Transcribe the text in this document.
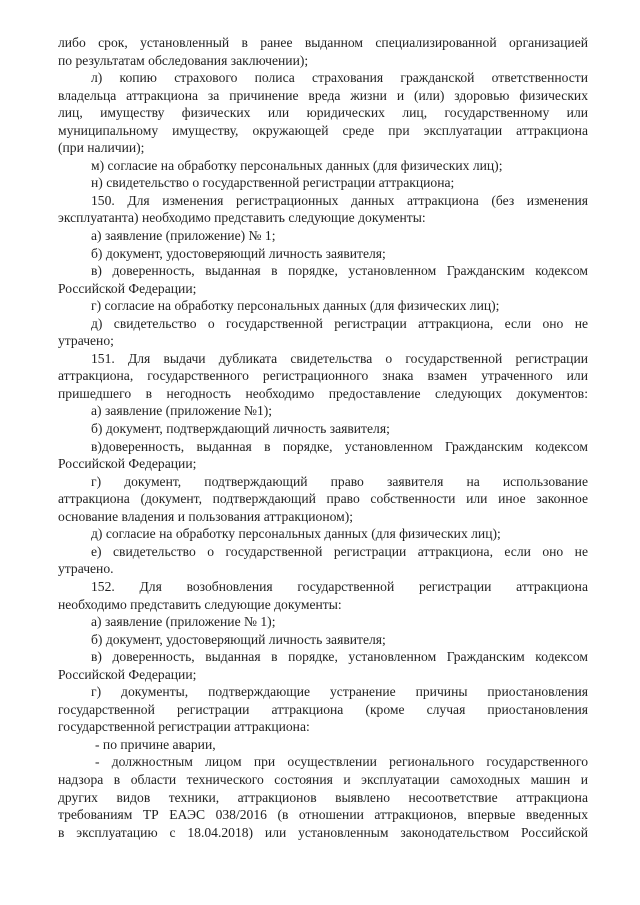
либо срок, установленный в ранее выданном специализированной организацией
по результатам обследования заключении);
л) копию страхового полиса страхования гражданской ответственности
владельца аттракциона за причинение вреда жизни и (или) здоровью физических
лиц, имуществу физических или юридических лиц, государственному или
муниципальному имуществу, окружающей среде при эксплуатации аттракциона
(при наличии);
м) согласие на обработку персональных данных (для физических лиц);
н) свидетельство о государственной регистрации аттракциона;
150. Для изменения регистрационных данных аттракциона (без изменения
эксплуатанта) необходимо представить следующие документы:
а) заявление (приложение) № 1;
б) документ, удостоверяющий личность заявителя;
в) доверенность, выданная в порядке, установленном Гражданским кодексом
Российской Федерации;
г) согласие на обработку персональных данных (для физических лиц);
д) свидетельство о государственной регистрации аттракциона, если оно не
утрачено;
151. Для выдачи дубликата свидетельства о государственной регистрации
аттракциона, государственного регистрационного знака взамен утраченного или
пришедшего в негодность необходимо предоставление следующих документов:
а) заявление (приложение №1);
б) документ, подтверждающий личность заявителя;
в)доверенность, выданная в порядке, установленном Гражданским кодексом
Российской Федерации;
г) документ, подтверждающий право заявителя на использование
аттракциона (документ, подтверждающий право собственности или иное законное
основание владения и пользования аттракционом);
д) согласие на обработку персональных данных (для физических лиц);
е) свидетельство о государственной регистрации аттракциона, если оно не
утрачено.
152. Для возобновления государственной регистрации аттракциона
необходимо представить следующие документы:
а) заявление (приложение № 1);
б) документ, удостоверяющий личность заявителя;
в) доверенность, выданная в порядке, установленном Гражданским кодексом
Российской Федерации;
г) документы, подтверждающие устранение причины приостановления
государственной регистрации аттракциона (кроме случая приостановления
государственной регистрации аттракциона:
- по причине аварии,
- должностным лицом при осуществлении регионального государственного
надзора в области технического состояния и эксплуатации самоходных машин и
других видов техники, аттракционов выявлено несоответствие аттракциона
требованиям ТР ЕАЭС 038/2016 (в отношении аттракционов, впервые введенных
в эксплуатацию с 18.04.2018) или установленным законодательством Российской
